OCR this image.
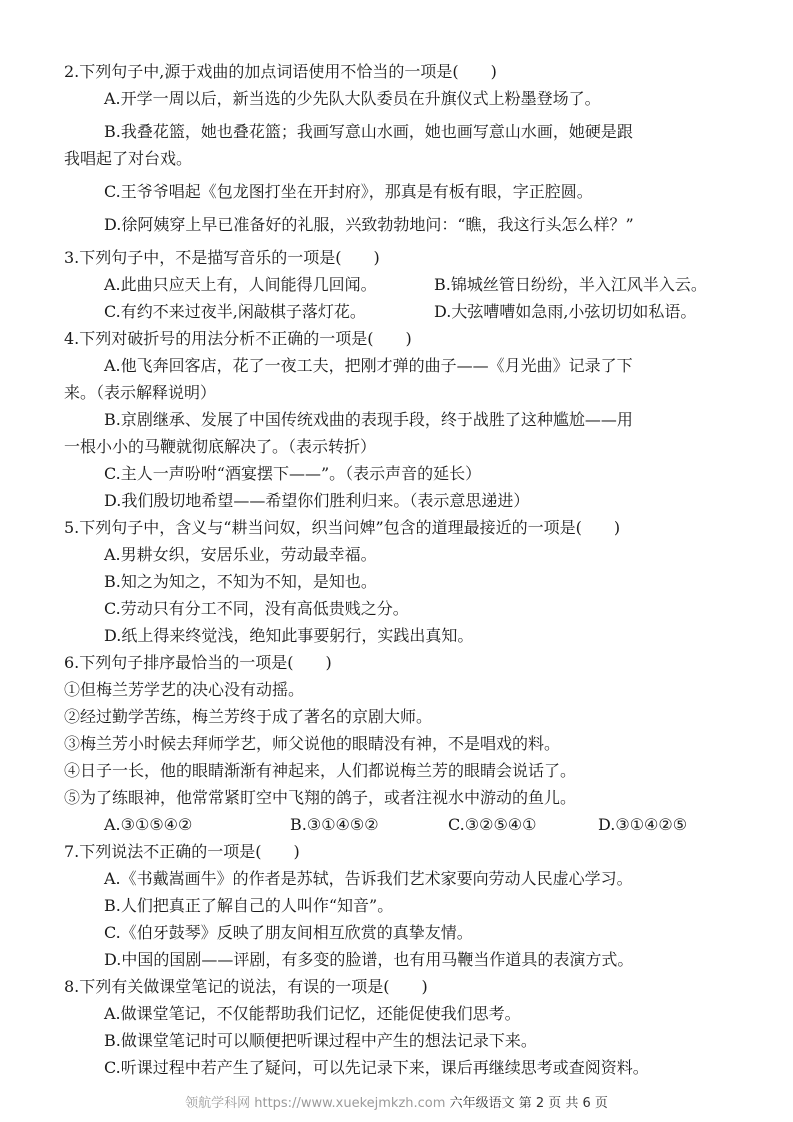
2.下列句子中,源于戏曲的加点词语使用不恰当的一项是(　　)

A.开学一周以后，新当选的少先队大队委员在升旗仪式上粉墨登场了。

B.我叠花篮，她也叠花篮；我画写意山水画，她也画写意山水画，她硬是跟

我唱起了对台戏。

C.王爷爷唱起《包龙图打坐在开封府》，那真是有板有眼，字正腔圆。

D.徐阿姨穿上早已准备好的礼服，兴致勃勃地问：“瞧，我这行头怎么样？”

3.下列句子中，不是描写音乐的一项是(　　)

A.此曲只应天上有，人间能得几回闻。	B.锦城丝管日纷纷，半入江风半入云。
C.有约不来过夜半,闲敲棋子落灯花。	D.大弦嘈嘈如急雨,小弦切切如私语。

4.下列对破折号的用法分析不正确的一项是(　　)

A.他飞奔回客店，花了一夜工夫，把刚才弹的曲子——《月光曲》记录了下

来。（表示解释说明）

B.京剧继承、发展了中国传统戏曲的表现手段，终于战胜了这种尴尬——用

一根小小的马鞭就彻底解决了。（表示转折）

C.主人一声吩咐“酒宴摆下——”。（表示声音的延长）

D.我们殷切地希望——希望你们胜利归来。（表示意思递进）

5.下列句子中，含义与“耕当问奴，织当问婢”包含的道理最接近的一项是(　　)

A.男耕女织，安居乐业，劳动最幸福。

B.知之为知之，不知为不知，是知也。

C.劳动只有分工不同，没有高低贵贱之分。

D.纸上得来终觉浅，绝知此事要躬行，实践出真知。

6.下列句子排序最恰当的一项是(　　)

①但梅兰芳学艺的决心没有动摇。

②经过勤学苦练，梅兰芳终于成了著名的京剧大师。

③梅兰芳小时候去拜师学艺，师父说他的眼睛没有神，不是唱戏的料。

④日子一长，他的眼睛渐渐有神起来，人们都说梅兰芳的眼睛会说话了。

⑤为了练眼神，他常常紧盯空中飞翔的鸽子，或者注视水中游动的鱼儿。

A.③①⑤④②	B.③①④⑤②	C.③②⑤④①	D.③①④②⑤

7.下列说法不正确的一项是(　　)

A.《书戴嵩画牛》的作者是苏轼，告诉我们艺术家要向劳动人民虚心学习。

B.人们把真正了解自己的人叫作“知音”。

C.《伯牙鼓琴》反映了朋友间相互欣赏的真挚友情。

D.中国的国剧——评剧，有多变的脸谱，也有用马鞭当作道具的表演方式。

8.下列有关做课堂笔记的说法，有误的一项是(　　)

A.做课堂笔记，不仅能帮助我们记忆，还能促使我们思考。

B.做课堂笔记时可以顺便把听课过程中产生的想法记录下来。

C.听课过程中若产生了疑问，可以先记录下来，课后再继续思考或查阅资料。

领航学科网 https://www.xuekejmkzh.com 六年级语文 第 2 页 共 6 页
